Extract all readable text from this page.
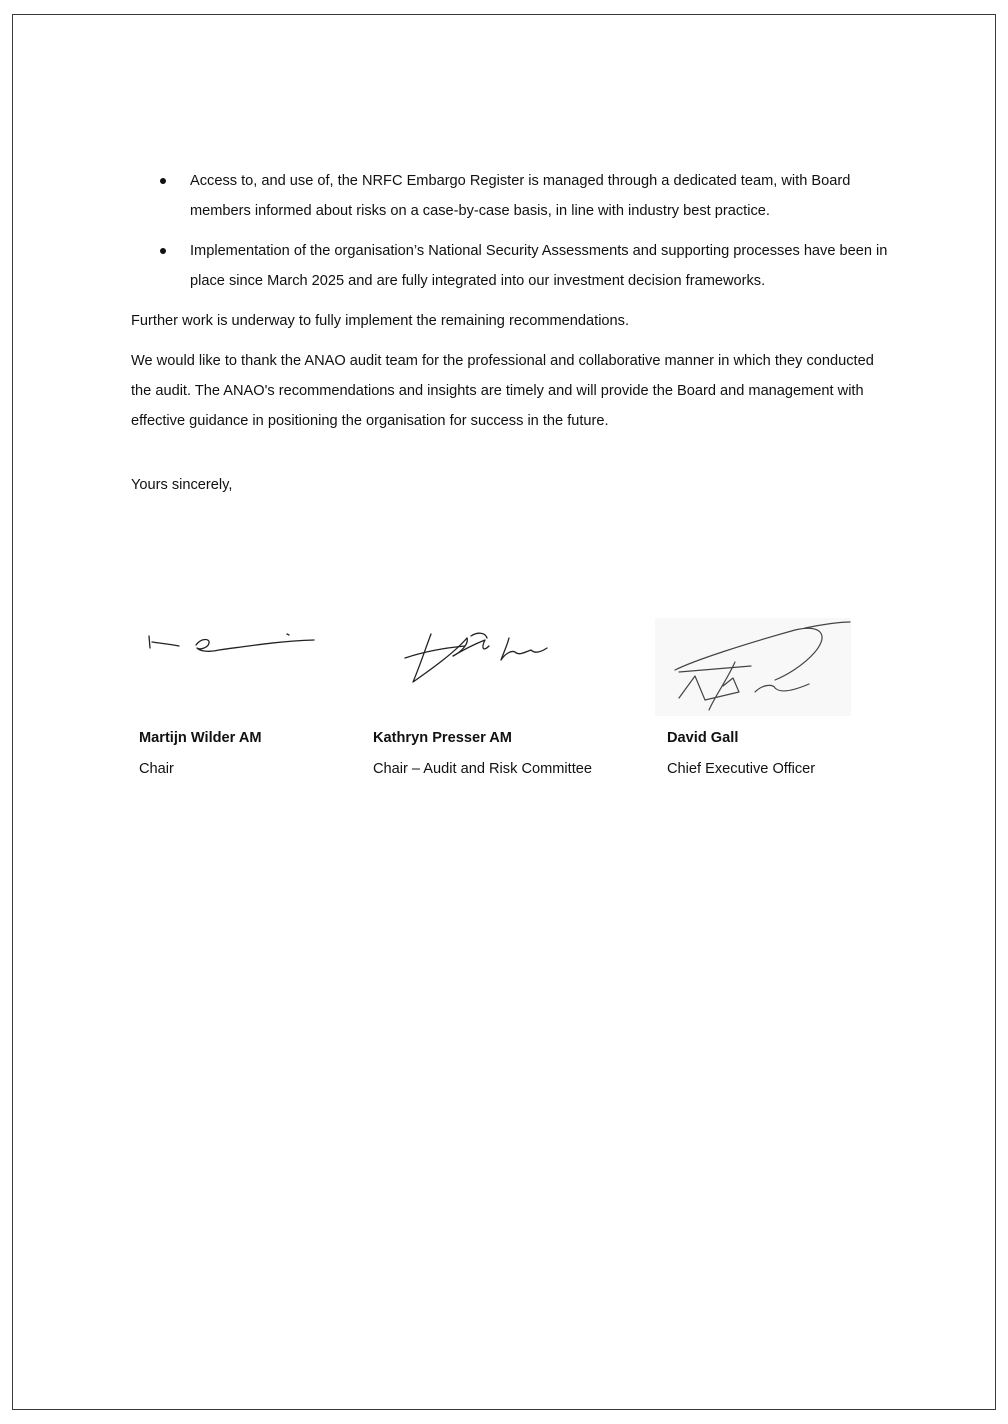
Access to, and use of, the NRFC Embargo Register is managed through a dedicated team, with Board members informed about risks on a case-by-case basis, in line with industry best practice.
Implementation of the organisation’s National Security Assessments and supporting processes have been in place since March 2025 and are fully integrated into our investment decision frameworks.

Further work is underway to fully implement the remaining recommendations.

We would like to thank the ANAO audit team for the professional and collaborative manner in which they conducted the audit. The ANAO's recommendations and insights are timely and will provide the Board and management with effective guidance in positioning the organisation for success in the future.

Yours sincerely,

Martijn Wilder AM
Chair
Kathryn Presser AM
Chair – Audit and Risk Committee
David Gall
Chief Executive Officer
